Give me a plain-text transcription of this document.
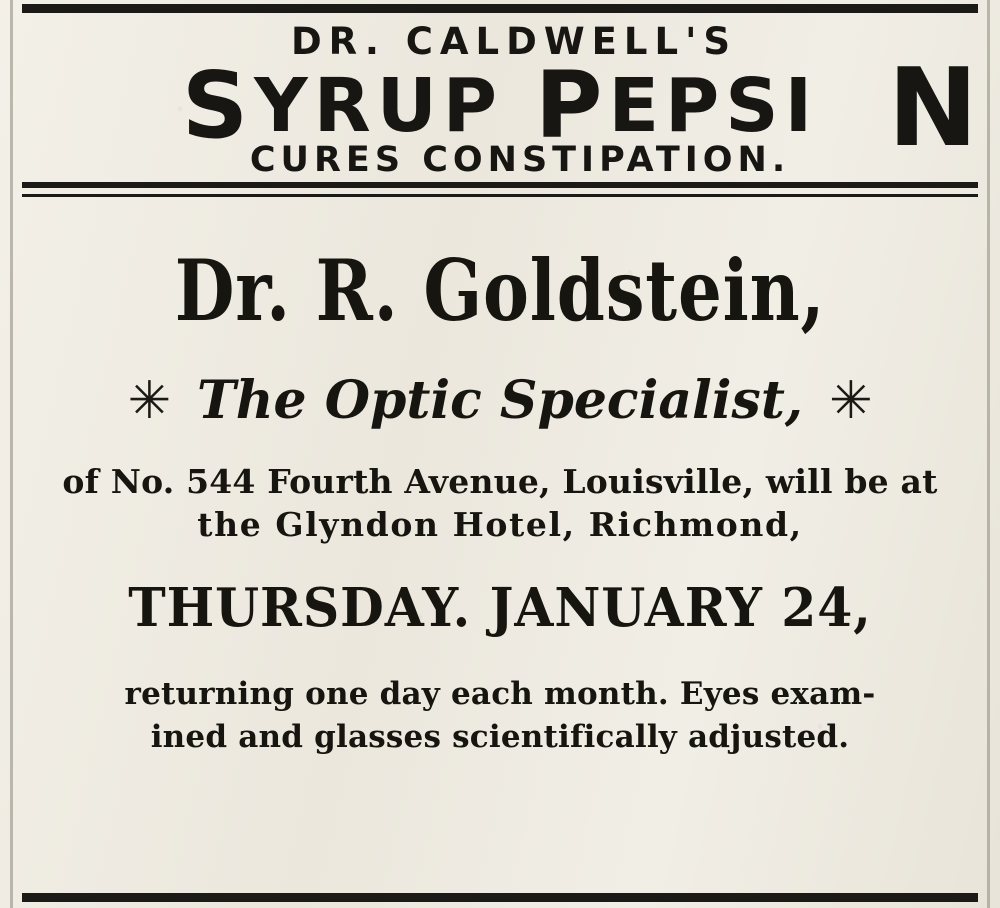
DR. CALDWELL'S
SYRUP PEPSI
CURES CONSTIPATION. N
Dr. R. Goldstein,
✳ The Optic Specialist, ✳
of No. 544 Fourth Avenue, Louisville, will be at
the Glyndon Hotel, Richmond,
THURSDAY. JANUARY 24,
returning one day each month. Eyes exam-
ined and glasses scientifically adjusted.
